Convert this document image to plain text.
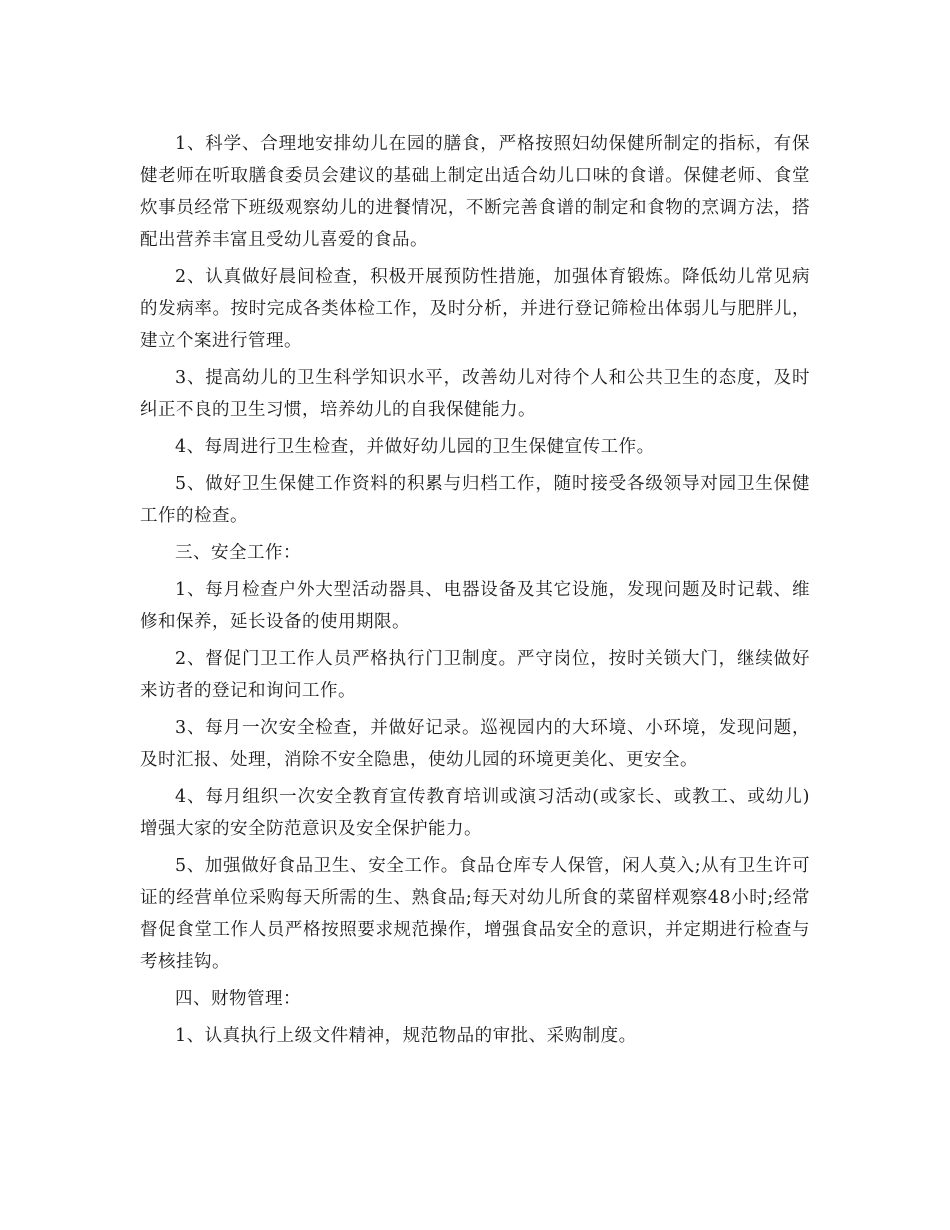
1、科学、合理地安排幼儿在园的膳食，严格按照妇幼保健所制定的指标，有保健老师在听取膳食委员会建议的基础上制定出适合幼儿口味的食谱。保健老师、食堂炊事员经常下班级观察幼儿的进餐情况，不断完善食谱的制定和食物的烹调方法，搭配出营养丰富且受幼儿喜爱的食品。

2、认真做好晨间检查，积极开展预防性措施，加强体育锻炼。降低幼儿常见病的发病率。按时完成各类体检工作，及时分析，并进行登记筛检出体弱儿与肥胖儿，建立个案进行管理。

3、提高幼儿的卫生科学知识水平，改善幼儿对待个人和公共卫生的态度，及时纠正不良的卫生习惯，培养幼儿的自我保健能力。

4、每周进行卫生检查，并做好幼儿园的卫生保健宣传工作。

5、做好卫生保健工作资料的积累与归档工作，随时接受各级领导对园卫生保健工作的检查。

三、安全工作：

1、每月检查户外大型活动器具、电器设备及其它设施，发现问题及时记载、维修和保养，延长设备的使用期限。

2、督促门卫工作人员严格执行门卫制度。严守岗位，按时关锁大门，继续做好来访者的登记和询问工作。

3、每月一次安全检查，并做好记录。巡视园内的大环境、小环境，发现问题，及时汇报、处理，消除不安全隐患，使幼儿园的环境更美化、更安全。

4、每月组织一次安全教育宣传教育培训或演习活动(或家长、或教工、或幼儿)增强大家的安全防范意识及安全保护能力。

5、加强做好食品卫生、安全工作。食品仓库专人保管，闲人莫入;从有卫生许可证的经营单位采购每天所需的生、熟食品;每天对幼儿所食的菜留样观察48小时;经常督促食堂工作人员严格按照要求规范操作，增强食品安全的意识，并定期进行检查与考核挂钩。

四、财物管理：

1、认真执行上级文件精神，规范物品的审批、采购制度。
